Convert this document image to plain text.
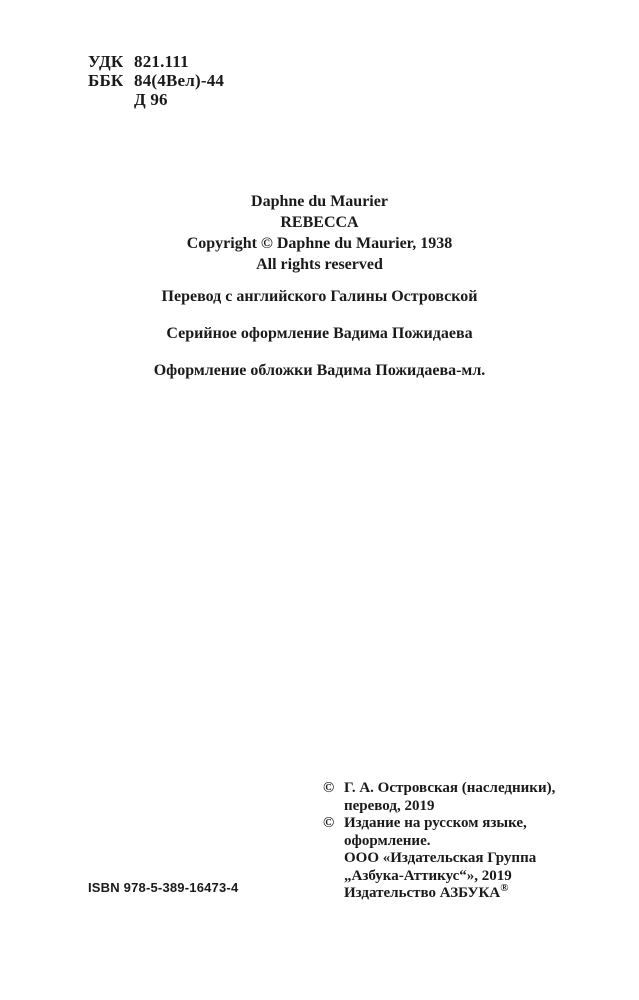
УДК 821.111
ББК 84(4Вел)-44
Д 96
Daphne du Maurier
REBECCA
Copyright © Daphne du Maurier, 1938
All rights reserved
Перевод с английского Галины Островской
Серийное оформление Вадима Пожидаева
Оформление обложки Вадима Пожидаева-мл.
ISBN 978-5-389-16473-4
© Г. А. Островская (наследники),
перевод, 2019
© Издание на русском языке,
оформление.
ООО «Издательская Группа
„Азбука-Аттикус“», 2019
Издательство АЗБУКА®
